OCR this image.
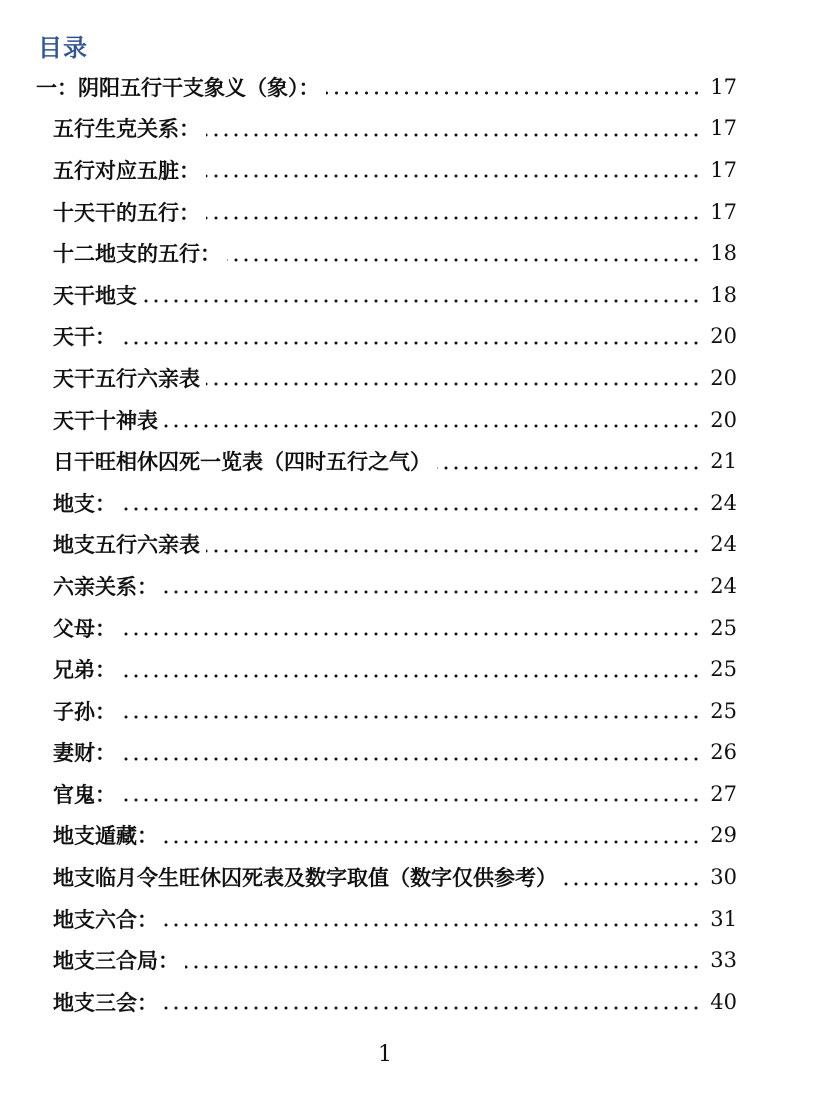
目录
一：阴阳五行干支象义（象）：	17
五行生克关系：	17
五行对应五脏：	17
十天干的五行：	17
十二地支的五行：	18
天干地支	18
天干：	20
天干五行六亲表	20
天干十神表	20
日干旺相休囚死一览表（四时五行之气）	21
地支：	24
地支五行六亲表	24
六亲关系：	24
父母：	25
兄弟：	25
子孙：	25
妻财：	26
官鬼：	27
地支遁藏：	29
地支临月令生旺休囚死表及数字取值（数字仅供参考）	30
地支六合：	31
地支三合局：	33
地支三会：	40
1
